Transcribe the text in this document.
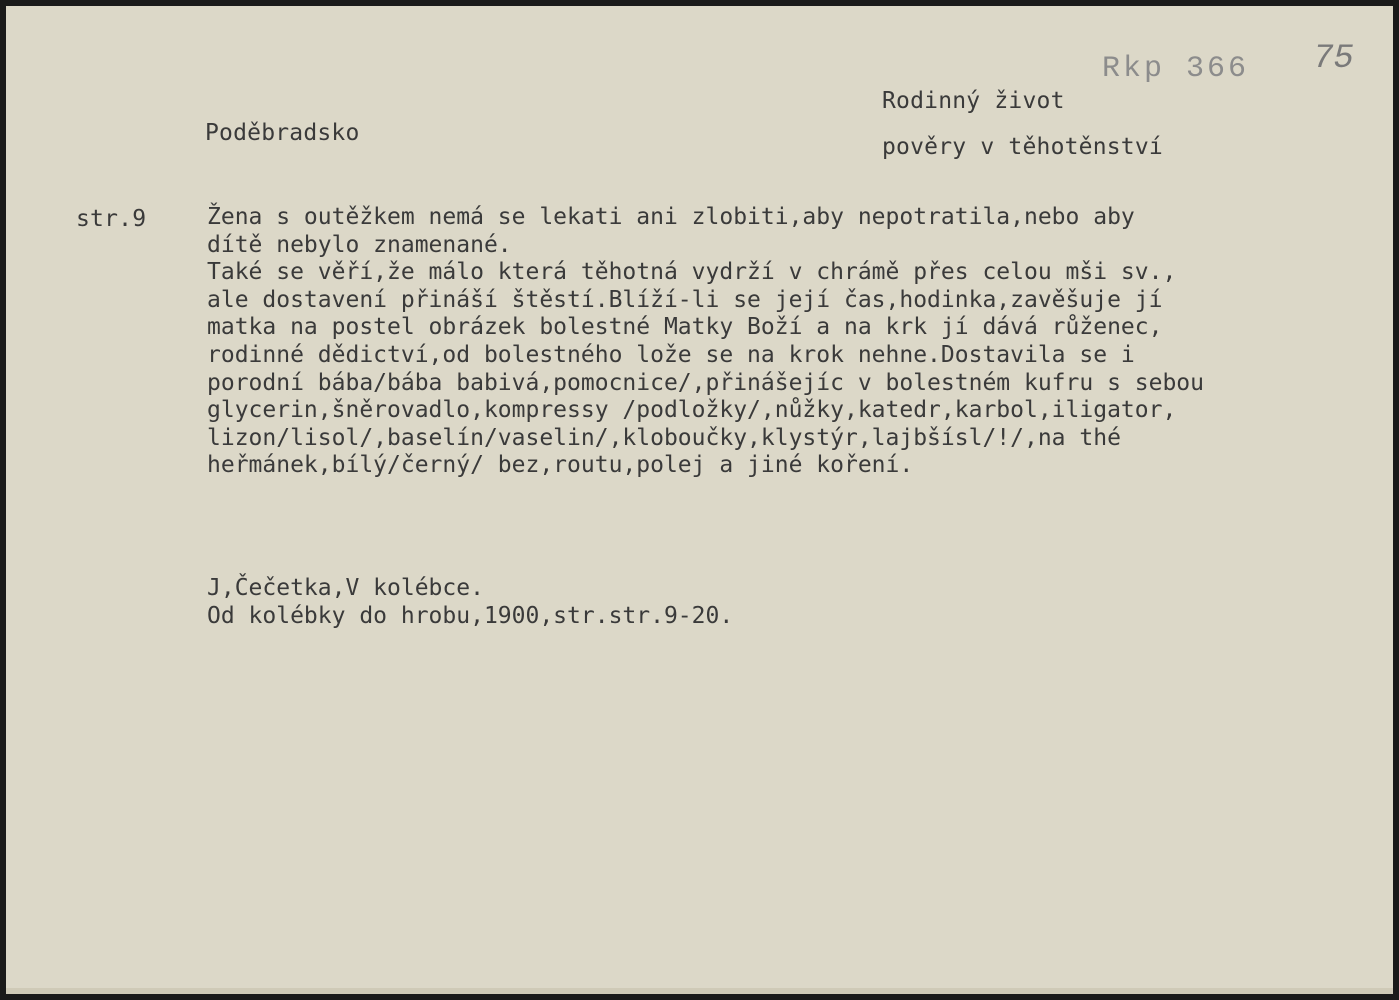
Poděbradsko
Rkp 366 75
Rodinný život
pověry v těhotěnství
str.9	Žena s outěžkem nemá se lekati ani zlobiti,aby nepotratila,nebo aby
dítě nebylo znamenané.
Také se věří,že málo která těhotná vydrží v chrámě přes celou mši sv.,
ale dostavení přináší štěstí.Blíží-li se její čas,hodinka,zavěšuje jí
matka na postel obrázek bolestné Matky Boží a na krk jí dává růženec,
rodinné dědictví,od bolestného lože se na krok nehne.Dostavila se i
porodní bába/bába babivá,pomocnice/,přinášejíc v bolestném kufru s sebou
glycerin,šněrovadlo,kompressy /podložky/,nůžky,katedr,karbol,iligator,
lizon/lisol/,baselín/vaselin/,kloboučky,klystýr,lajbšísl/!/,na thé
heřmánek,bílý/černý/ bez,routu,polej a jiné koření.
J,Čečetka,V kolébce.
Od kolébky do hrobu,1900,str.str.9-20.
